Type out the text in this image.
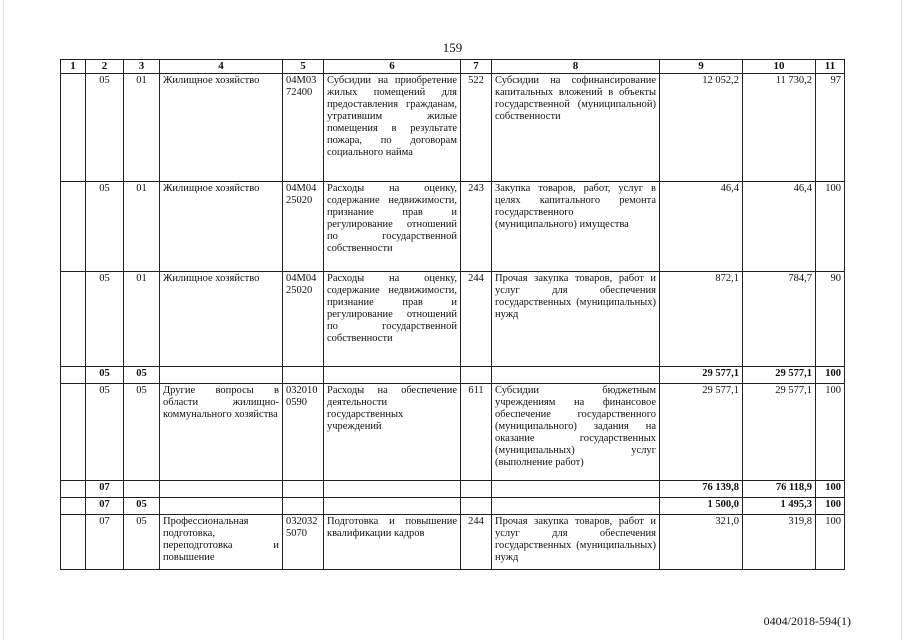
159
1	2	3	4	5	6	7	8	9	10	11
	05	01	Жилищное хозяйство	04М03 72400	Субсидии на приобретение жилых помещений для предоставления гражданам, утратившим жилые помещения в результате пожара, по договорам социального найма	522	Субсидии на софинансирование капитальных вложений в объекты государственной (муниципальной) собственности	12 052,2	11 730,2	97
	05	01	Жилищное хозяйство	04М04 25020	Расходы на оценку, содержание недвижимости, признание прав и регулирование отношений по государственной собственности	243	Закупка товаров, работ, услуг в целях капитального ремонта государственного (муниципального) имущества	46,4	46,4	100
	05	01	Жилищное хозяйство	04М04 25020	Расходы на оценку, содержание недвижимости, признание прав и регулирование отношений по государственной собственности	244	Прочая закупка товаров, работ и услуг для обеспечения государственных (муниципальных) нужд	872,1	784,7	90
	05	05						29 577,1	29 577,1	100
	05	05	Другие вопросы в области жилищно-коммунального хозяйства	032010 0590	Расходы на обеспечение деятельности государственных учреждений	611	Субсидии бюджетным учреждениям на финансовое обеспечение государственного (муниципального) задания на оказание государственных (муниципальных) услуг (выполнение работ)	29 577,1	29 577,1	100
	07							76 139,8	76 118,9	100
	07	05						1 500,0	1 495,3	100
	07	05	Профессиональная подготовка, переподготовка и повышение	032032 5070	Подготовка и повышение квалификации кадров	244	Прочая закупка товаров, работ и услуг для обеспечения государственных (муниципальных) нужд	321,0	319,8	100
0404/2018-594(1)
